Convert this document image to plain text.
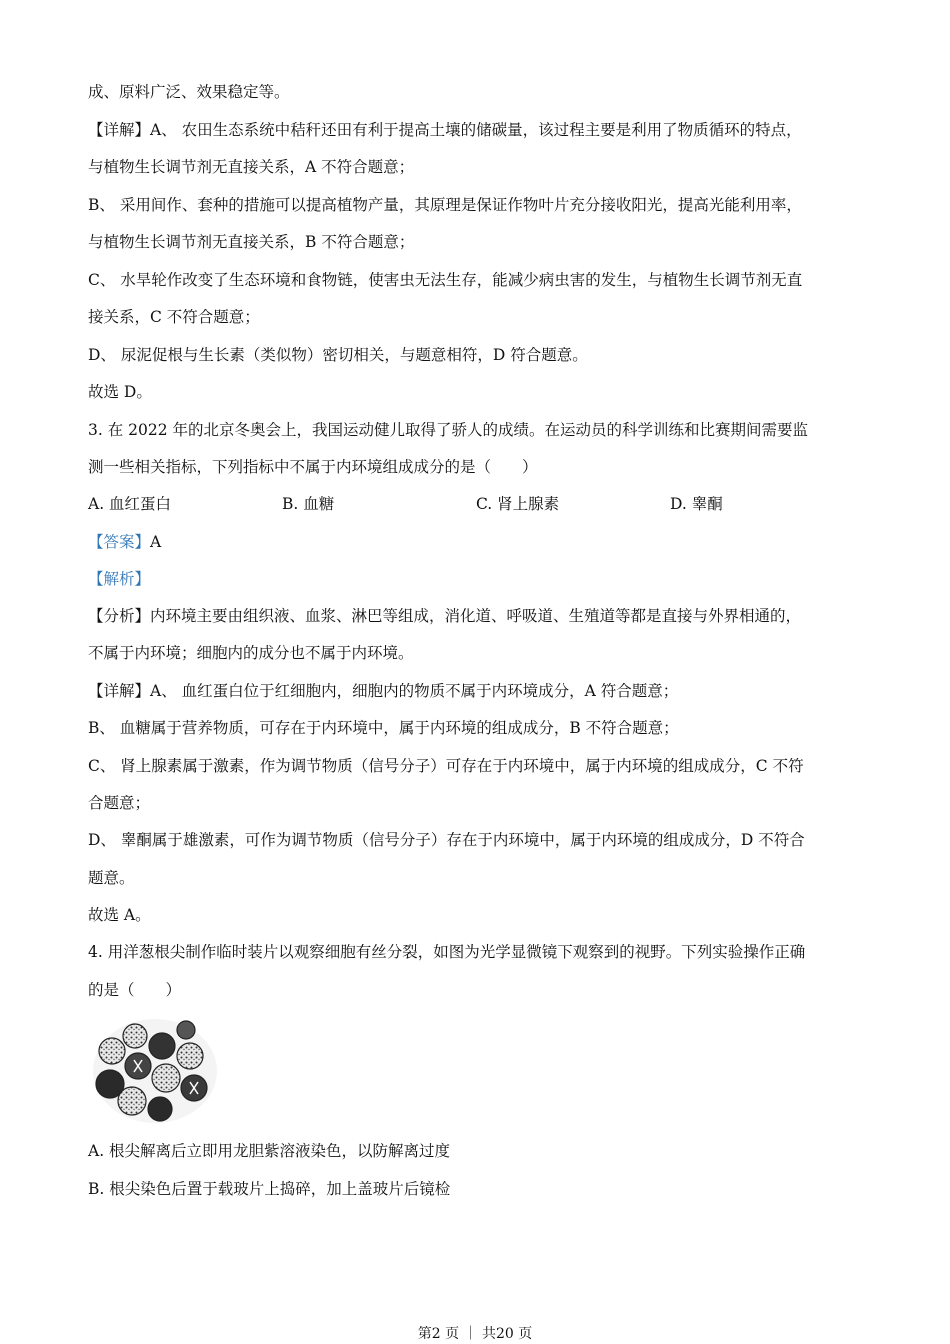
成、原料广泛、效果稳定等。
【详解】A、 农田生态系统中秸秆还田有利于提高土壤的储碳量，该过程主要是利用了物质循环的特点，
与植物生长调节剂无直接关系，A 不符合题意；
B、 采用间作、套种的措施可以提高植物产量，其原理是保证作物叶片充分接收阳光，提高光能利用率，
与植物生长调节剂无直接关系，B 不符合题意；
C、 水旱轮作改变了生态环境和食物链，使害虫无法生存，能减少病虫害的发生，与植物生长调节剂无直
接关系，C 不符合题意；
D、 尿泥促根与生长素（类似物）密切相关，与题意相符，D 符合题意。
故选 D。
3. 在 2022 年的北京冬奥会上，我国运动健儿取得了骄人的成绩。在运动员的科学训练和比赛期间需要监
测一些相关指标，下列指标中不属于内环境组成成分的是（　　）
A. 血红蛋白	B. 血糖	C. 肾上腺素	D. 睾酮
【答案】A
【解析】
【分析】内环境主要由组织液、血浆、淋巴等组成，消化道、呼吸道、生殖道等都是直接与外界相通的，
不属于内环境；细胞内的成分也不属于内环境。
【详解】A、 血红蛋白位于红细胞内，细胞内的物质不属于内环境成分，A 符合题意；
B、 血糖属于营养物质，可存在于内环境中，属于内环境的组成成分，B 不符合题意；
C、 肾上腺素属于激素，作为调节物质（信号分子）可存在于内环境中，属于内环境的组成成分，C 不符
合题意；
D、 睾酮属于雄激素，可作为调节物质（信号分子）存在于内环境中，属于内环境的组成成分，D 不符合
题意。
故选 A。
4. 用洋葱根尖制作临时装片以观察细胞有丝分裂，如图为光学显微镜下观察到的视野。下列实验操作正确
的是（　　）
A. 根尖解离后立即用龙胆紫溶液染色，以防解离过度
B. 根尖染色后置于载玻片上捣碎，加上盖玻片后镜检
第2 页 ｜ 共20 页
